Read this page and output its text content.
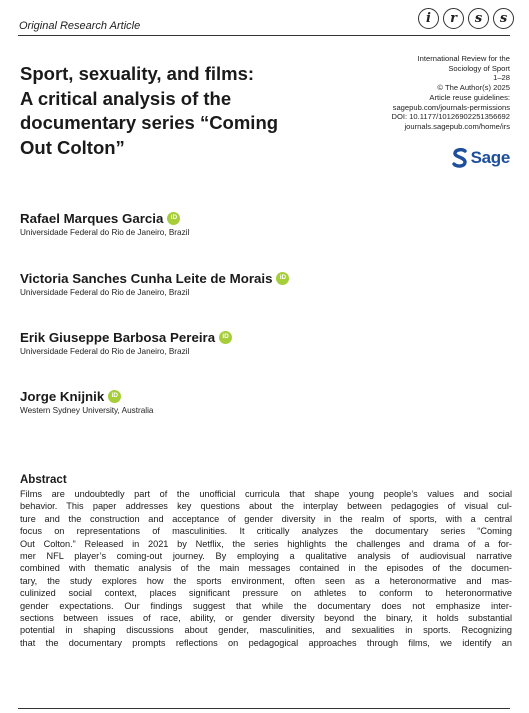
Original Research Article	i	r	s	s
Sport, sexuality, and films:
A critical analysis of the
documentary series “Coming
Out Colton”
International Review for the
Sociology of Sport
1–28
© The Author(s) 2025
Article reuse guidelines:
sagepub.com/journals-permissions
DOI: 10.1177/10126902251356692
journals.sagepub.com/home/irs
Sage
Rafael Marques Garcia	iD
Universidade Federal do Rio de Janeiro, Brazil
Victoria Sanches Cunha Leite de Morais	iD
Universidade Federal do Rio de Janeiro, Brazil
Erik Giuseppe Barbosa Pereira	iD
Universidade Federal do Rio de Janeiro, Brazil
Jorge Knijnik	iD
Western Sydney University, Australia
Abstract
Films are undoubtedly part of the unofficial curricula that shape young people’s values and social
behavior. This paper addresses key questions about the interplay between pedagogies of visual cul-
ture and the construction and acceptance of gender diversity in the realm of sports, with a central
focus on representations of masculinities. It critically analyzes the documentary series “Coming
Out Colton.” Released in 2021 by Netflix, the series highlights the challenges and drama of a for-
mer NFL player’s coming-out journey. By employing a qualitative analysis of audiovisual narrative
combined with thematic analysis of the main messages contained in the episodes of the documen-
tary, the study explores how the sports environment, often seen as a heteronormative and mas-
culinized social context, places significant pressure on athletes to conform to heteronormative
gender expectations. Our findings suggest that while the documentary does not emphasize inter-
sections between issues of race, ability, or gender diversity beyond the binary, it holds substantial
potential in shaping discussions about gender, masculinities, and sexualities in sports. Recognizing
that the documentary prompts reflections on pedagogical approaches through films, we identify an
